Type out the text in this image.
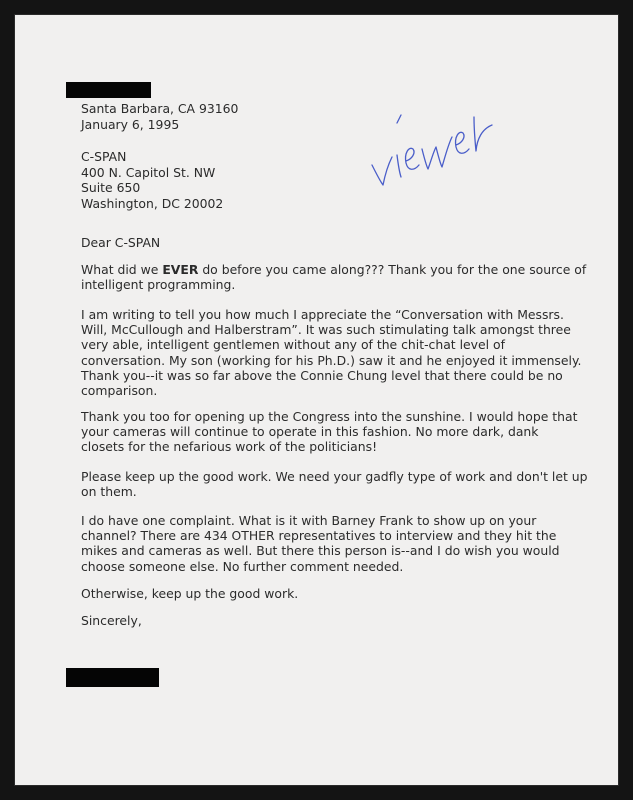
Santa Barbara, CA 93160
January 6, 1995
C-SPAN
400 N. Capitol St. NW
Suite 650
Washington, DC 20002
Dear C-SPAN
What did we EVER do before you came along??? Thank you for the one source of
intelligent programming.
I am writing to tell you how much I appreciate the “Conversation with Messrs.
Will, McCullough and Halberstram”. It was such stimulating talk amongst three
very able, intelligent gentlemen without any of the chit-chat level of
conversation. My son (working for his Ph.D.) saw it and he enjoyed it immensely.
Thank you--it was so far above the Connie Chung level that there could be no
comparison.
Thank you too for opening up the Congress into the sunshine. I would hope that
your cameras will continue to operate in this fashion. No more dark, dank
closets for the nefarious work of the politicians!
Please keep up the good work. We need your gadfly type of work and don't let up
on them.
I do have one complaint. What is it with Barney Frank to show up on your
channel? There are 434 OTHER representatives to interview and they hit the
mikes and cameras as well. But there this person is--and I do wish you would
choose someone else. No further comment needed.
Otherwise, keep up the good work.
Sincerely,
